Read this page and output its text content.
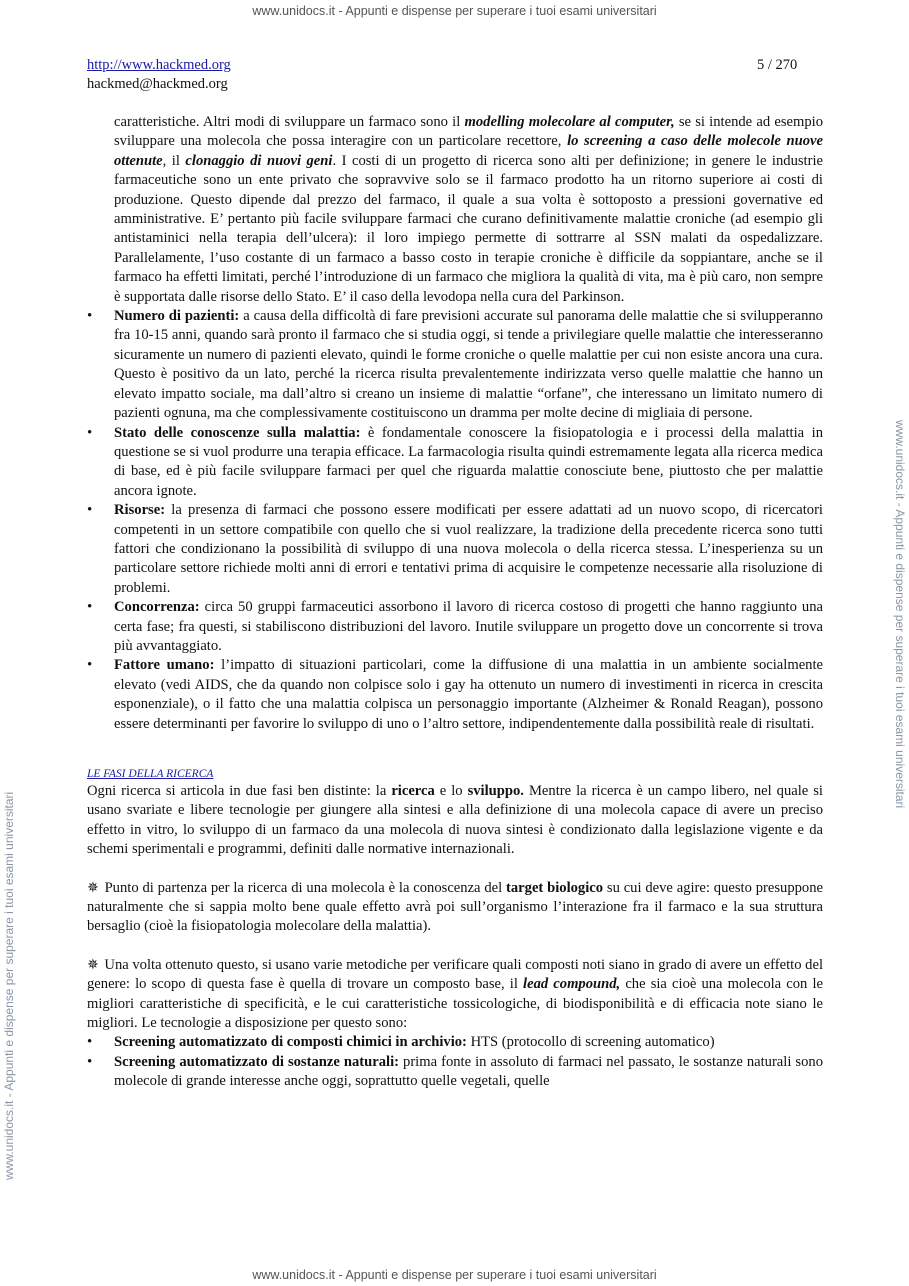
www.unidocs.it - Appunti e dispense per superare i tuoi esami universitari
www.unidocs.it - Appunti e dispense per superare i tuoi esami universitari
www.unidocs.it - Appunti e dispense per superare i tuoi esami universitari
www.unidocs.it - Appunti e dispense per superare i tuoi esami universitari
http://www.hackmed.org
hackmed@hackmed.org
5 / 270

caratteristiche. Altri modi di sviluppare un farmaco sono il modelling molecolare al computer, se si intende ad esempio sviluppare una molecola che possa interagire con un particolare recettore, lo screening a caso delle molecole nuove ottenute, il clonaggio di nuovi geni. I costi di un progetto di ricerca sono alti per definizione; in genere le industrie farmaceutiche sono un ente privato che sopravvive solo se il farmaco prodotto ha un ritorno superiore ai costi di produzione. Questo dipende dal prezzo del farmaco, il quale a sua volta è sottoposto a pressioni governative ed amministrative. E’ pertanto più facile sviluppare farmaci che curano definitivamente malattie croniche (ad esempio gli antistaminici nella terapia dell’ulcera): il loro impiego permette di sottrarre al SSN malati da ospedalizzare. Parallelamente, l’uso costante di un farmaco a basso costo in terapie croniche è difficile da soppiantare, anche se il farmaco ha effetti limitati, perché l’introduzione di un farmaco che migliora la qualità di vita, ma è più caro, non sempre è supportata dalle risorse dello Stato. E’ il caso della levodopa nella cura del Parkinson.

• Numero di pazienti: a causa della difficoltà di fare previsioni accurate sul panorama delle malattie che si svilupperanno fra 10-15 anni, quando sarà pronto il farmaco che si studia oggi, si tende a privilegiare quelle malattie che interesseranno sicuramente un numero di pazienti elevato, quindi le forme croniche o quelle malattie per cui non esiste ancora una cura. Questo è positivo da un lato, perché la ricerca risulta prevalentemente indirizzata verso quelle malattie che hanno un elevato impatto sociale, ma dall’altro si creano un insieme di malattie “orfane”, che interessano un limitato numero di pazienti ognuna, ma che complessivamente costituiscono un dramma per molte decine di migliaia di persone.
• Stato delle conoscenze sulla malattia: è fondamentale conoscere la fisiopatologia e i processi della malattia in questione se si vuol produrre una terapia efficace. La farmacologia risulta quindi estremamente legata alla ricerca medica di base, ed è più facile sviluppare farmaci per quel che riguarda malattie conosciute bene, piuttosto che per malattie ancora ignote.
• Risorse: la presenza di farmaci che possono essere modificati per essere adattati ad un nuovo scopo, di ricercatori competenti in un settore compatibile con quello che si vuol realizzare, la tradizione della precedente ricerca sono tutti fattori che condizionano la possibilità di sviluppo di una nuova molecola o della ricerca stessa. L’inesperienza su un particolare settore richiede molti anni di errori e tentativi prima di acquisire le competenze necessarie alla risoluzione di problemi.
• Concorrenza: circa 50 gruppi farmaceutici assorbono il lavoro di ricerca costoso di progetti che hanno raggiunto una certa fase; fra questi, si stabiliscono distribuzioni del lavoro. Inutile sviluppare un progetto dove un concorrente si trova più avvantaggiato.
• Fattore umano: l’impatto di situazioni particolari, come la diffusione di una malattia in un ambiente socialmente elevato (vedi AIDS, che da quando non colpisce solo i gay ha ottenuto un numero di investimenti in ricerca in crescita esponenziale), o il fatto che una malattia colpisca un personaggio importante (Alzheimer & Ronald Reagan), possono essere determinanti per favorire lo sviluppo di uno o l’altro settore, indipendentemente dalla possibilità reale di risultati.
LE FASI DELLA RICERCA

Ogni ricerca si articola in due fasi ben distinte: la ricerca e lo sviluppo. Mentre la ricerca è un campo libero, nel quale si usano svariate e libere tecnologie per giungere alla sintesi e alla definizione di una molecola capace di avere un preciso effetto in vitro, lo sviluppo di un farmaco da una molecola di nuova sintesi è condizionato dalla legislazione vigente e da schemi sperimentali e programmi, definiti dalle normative internazionali.

✵ Punto di partenza per la ricerca di una molecola è la conoscenza del target biologico su cui deve agire: questo presuppone naturalmente che si sappia molto bene quale effetto avrà poi sull’organismo l’interazione fra il farmaco e la sua struttura bersaglio (cioè la fisiopatologia molecolare della malattia).

✵ Una volta ottenuto questo, si usano varie metodiche per verificare quali composti noti siano in grado di avere un effetto del genere: lo scopo di questa fase è quella di trovare un composto base, il lead compound, che sia cioè una molecola con le migliori caratteristiche di specificità, e le cui caratteristiche tossicologiche, di biodisponibilità e di efficacia note siano le migliori. Le tecnologie a disposizione per questo sono:

• Screening automatizzato di composti chimici in archivio: HTS (protocollo di screening automatico)
• Screening automatizzato di sostanze naturali: prima fonte in assoluto di farmaci nel passato, le sostanze naturali sono molecole di grande interesse anche oggi, soprattutto quelle vegetali, quelle
